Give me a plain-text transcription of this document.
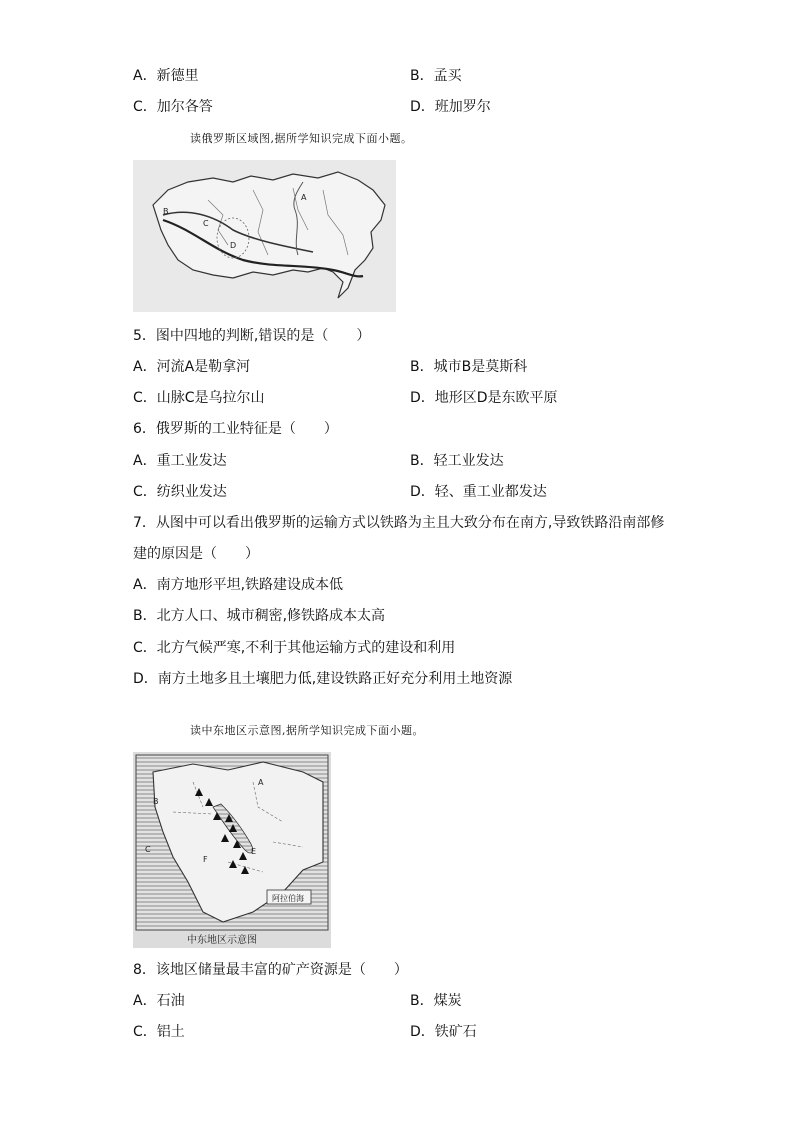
A．新德里	B．孟买
C．加尔各答	D．班加罗尔
读俄罗斯区域图,据所学知识完成下面小题。
B
C
D
A
5．图中四地的判断,错误的是（　　）
A．河流A是勒拿河	B．城市B是莫斯科
C．山脉C是乌拉尔山	D．地形区D是东欧平原
6．俄罗斯的工业特征是（　　）
A．重工业发达	B．轻工业发达
C．纺织业发达	D．轻、重工业都发达
7．从图中可以看出俄罗斯的运输方式以铁路为主且大致分布在南方,导致铁路沿南部修
建的原因是（　　）
A．南方地形平坦,铁路建设成本低
B．北方人口、城市稠密,修铁路成本太高
C．北方气候严寒,不利于其他运输方式的建设和利用
D．南方土地多且土壤肥力低,建设铁路正好充分利用土地资源
读中东地区示意图,据所学知识完成下面小题。
B
C
A
E
F
阿拉伯海
中东地区示意图
8．该地区储量最丰富的矿产资源是（　　）
A．石油	B．煤炭
C．铝土	D．铁矿石
